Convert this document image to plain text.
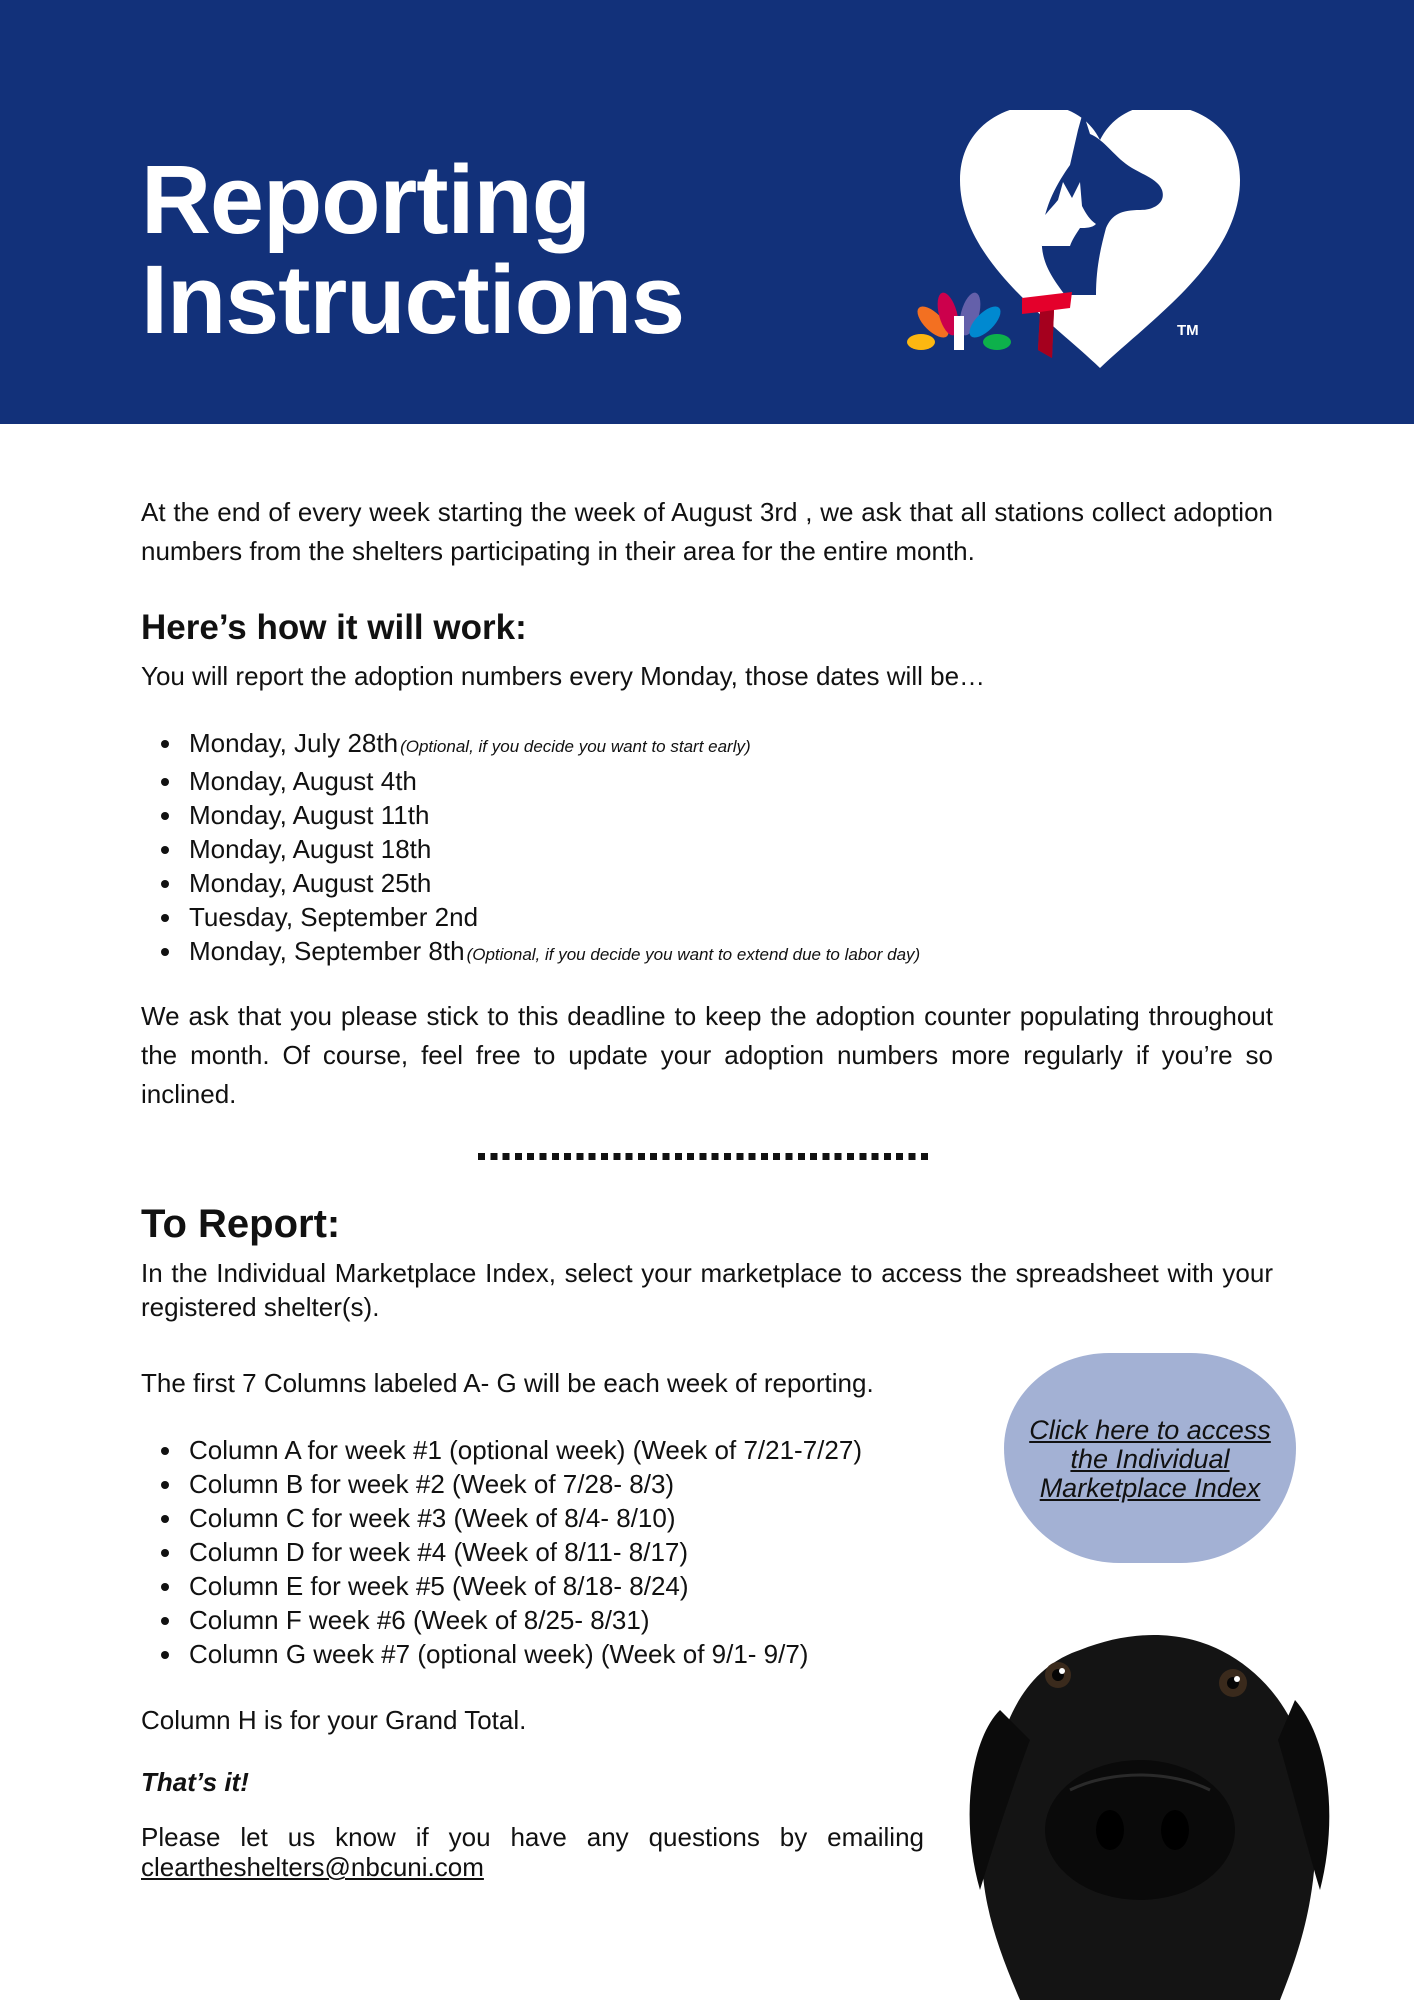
Reporting
Instructions	TM

At the end of every week starting the week of August 3rd , we ask that all stations collect adoption numbers from the shelters participating in their area for the entire month.

Here’s how it will work:

You will report the adoption numbers every Monday, those dates will be…

Monday, July 28th (Optional, if you decide you want to start early)
Monday, August 4th
Monday, August 11th
Monday, August 18th
Monday, August 25th
Tuesday, September 2nd
Monday, September 8th (Optional, if you decide you want to extend due to labor day)

We ask that you please stick to this deadline to keep the adoption counter populating throughout the month. Of course, feel free to update your adoption numbers more regularly if you’re so inclined.

To Report:

In the Individual Marketplace Index, select your marketplace to access the spreadsheet with your registered shelter(s).

The first 7 Columns labeled A- G will be each week of reporting.

Column A for week #1 (optional week) (Week of 7/21-7/27)
Column B for week #2 (Week of 7/28- 8/3)
Column C for week #3 (Week of 8/4- 8/10)
Column D for week #4 (Week of 8/11- 8/17)
Column E for week #5 (Week of 8/18- 8/24)
Column F week #6 (Week of 8/25- 8/31)
Column G week #7 (optional week) (Week of 9/1- 9/7)

Column H is for your Grand Total.

That’s it!

Please let us know if you have any questions by emailing

cleartheshelters@nbcuni.com

Click here to access the Individual Marketplace Index
